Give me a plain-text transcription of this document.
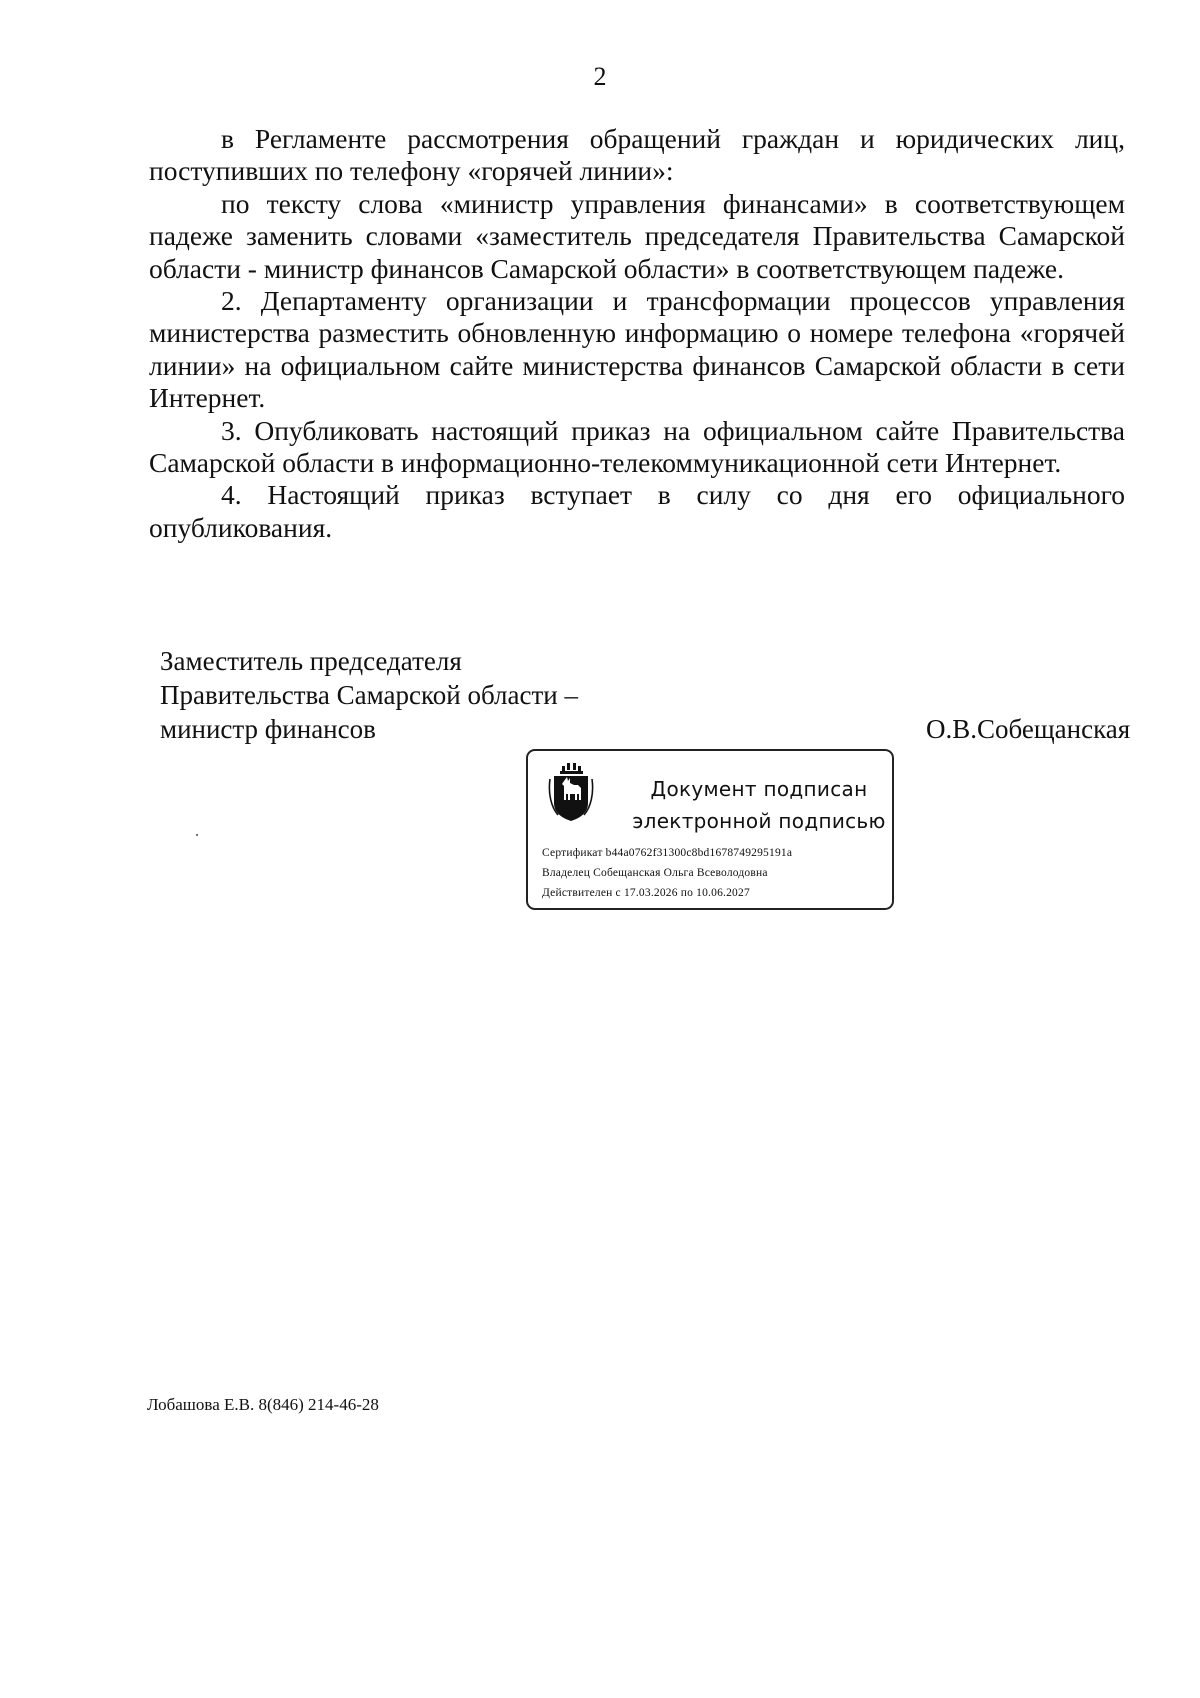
2

в Регламенте рассмотрения обращений граждан и юридических лиц, поступивших по телефону «горячей линии»:

по тексту слова «министр управления финансами» в соответствующем падеже заменить словами «заместитель председателя Правительства Самарской области - министр финансов Самарской области» в соответствующем падеже.

2. Департаменту организации и трансформации процессов управления министерства разместить обновленную информацию о номере телефона «горячей линии» на официальном сайте министерства финансов Самарской области в сети Интернет.

3. Опубликовать настоящий приказ на официальном сайте Правительства Самарской области в информационно-телекоммуникационной сети Интернет.

4. Настоящий приказ вступает в силу со дня его официального опубликования.

Заместитель председателя
Правительства Самарской области –
министр финансов	О.В.Собещанская
Документ подписан
электронной подписью
Сертификат b44a0762f31300c8bd1678749295191a
Владелец Собещанская Ольга Всеволодовна
Действителен с 17.03.2026 по 10.06.2027
Лобашова Е.В. 8(846) 214-46-28
